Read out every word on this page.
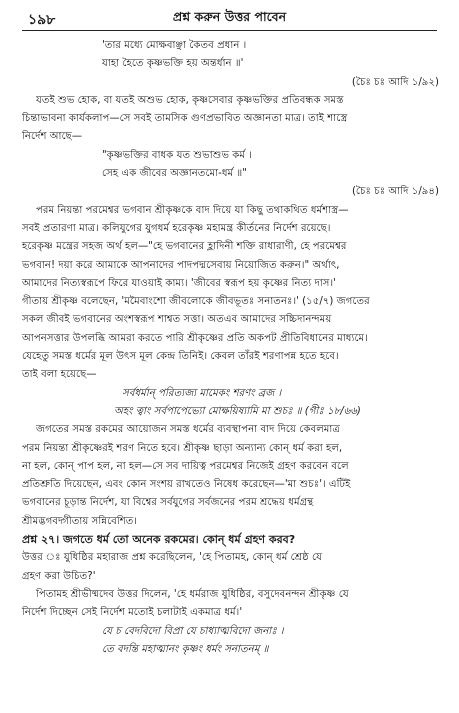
১৯৮	প্রশ্ন করুন উত্তর পাবেন

'তার মধ্যে মোক্ষবাঞ্ছা কৈতব প্রধান ।

যাহা হৈতে কৃষ্ণভক্তি হয় অন্তর্ধান ॥'

(চৈঃ চঃ আদি ১/৯২)

যতই শুভ হোক, বা যতই অশুভ হোক, কৃষ্ণসেবার কৃষ্ণভক্তির প্রতিবন্ধক সমস্ত

চিন্তাভাবনা কার্যকলাপ—সে সবই তামসিক গুণপ্রভাবিত অজ্ঞানতা মাত্র। তাই শাস্ত্রে

নির্দেশ আছে—

"কৃষ্ণভক্তির বাধক যত শুভাশুভ কর্ম ।

সেহ এক জীবের অজ্ঞানতমো-ধর্ম ॥"

(চৈঃ চঃ আদি ১/৯৪)

পরম নিয়ন্তা পরমেশ্বর ভগবান শ্রীকৃষ্ণকে বাদ দিয়ে যা কিছু তথাকথিত ধর্মশাস্ত্র—

সবই প্রতারণা মাত্র। কলিযুগের যুগধর্ম হরেকৃষ্ণ মহামন্ত্র কীর্তনের নির্দেশ রয়েছে।

হরেকৃষ্ণ মন্ত্রের সহজ অর্থ হল—"হে ভগবানের হ্লাদিনী শক্তি রাধারাণী, হে পরমেশ্বর

ভগবান! দয়া করে আমাকে আপনাদের পাদপদ্মসেবায় নিয়োজিত করুন।" অর্থাৎ,

আমাদের নিত্যস্বরূপে ফিরে যাওয়াই কাম্য। 'জীবের স্বরূপ হয় কৃষ্ণের নিত্য দাস।'

গীতায় শ্রীকৃষ্ণ বলেছেন, 'মমৈবাংশো জীবলোকে জীবভূতঃ সনাতনঃ।' (১৫/৭) জগতের

সকল জীবই ভগবানের অংশস্বরূপ শাশ্বত সত্তা। অতএব আমাদের সচ্চিদানন্দময়

আপনসত্তার উপলব্ধি আমরা করতে পারি শ্রীকৃষ্ণের প্রতি অকপট প্রীতিবিধানের মাধ্যমে।

যেহেতু সমস্ত ধর্মের মূল উৎস মূল কেন্দ্র তিনিই। কেবল তাঁরই শরণাপন্ন হতে হবে।

তাই বলা হয়েছে—

সর্বধর্মান্ পরিত্যজ্য মামেকং শরণং ব্রজ ।

অহং ত্বাং সর্বপাপেভ্যো মোক্ষয়িষ্যামি মা শুচঃ ॥ (গীঃ ১৮/৬৬)

জগতের সমস্ত রকমের আয়োজন সমস্ত ধর্মের ব্যবস্থাপনা বাদ দিয়ে কেবলমাত্র

পরম নিয়ন্তা শ্রীকৃষ্ণেরই শরণ নিতে হবে। শ্রীকৃষ্ণ ছাড়া অন্যান্য কোন্ ধর্ম করা হল,

না হল, কোন্ পাপ হল, না হল—সে সব দায়িত্ব পরমেশ্বর নিজেই গ্রহণ করবেন বলে

প্রতিশ্রুতি দিয়েছেন, এবং কোন সংশয় রাখতেও নিষেধ করেছেন—'মা শুচঃ'। এটিই

ভগবানের চূড়ান্ত নির্দেশ, যা বিশ্বের সর্বযুগের সর্বজনের পরম শ্রদ্ধেয় ধর্মগ্রন্থ

শ্রীমদ্ভগবদ্গীতায় সন্নিবেশিত।

প্রশ্ন ২৭। জগতে ধর্ম তো অনেক রকমের। কোন্ ধর্ম গ্রহণ করব?

উত্তর ঃ যুধিষ্ঠির মহারাজ প্রশ্ন করেছিলেন, 'হে পিতামহ, কোন্ ধর্ম শ্রেষ্ঠ যে

গ্রহণ করা উচিত?'

পিতামহ শ্রীভীষ্মদেব উত্তর দিলেন, 'হে ধর্মরাজ যুধিষ্ঠির, বসুদেবনন্দন শ্রীকৃষ্ণ যে

নির্দেশ দিচ্ছেন সেই নির্দেশ মতোই চলাটাই একমাত্র ধর্ম।'

যে চ বেদবিদো বিপ্রা যে চাধ্যাত্মবিদো জনাঃ ।

তে বদন্তি মহাত্মানং কৃষ্ণং ধর্মং সনাতনম্ ॥
